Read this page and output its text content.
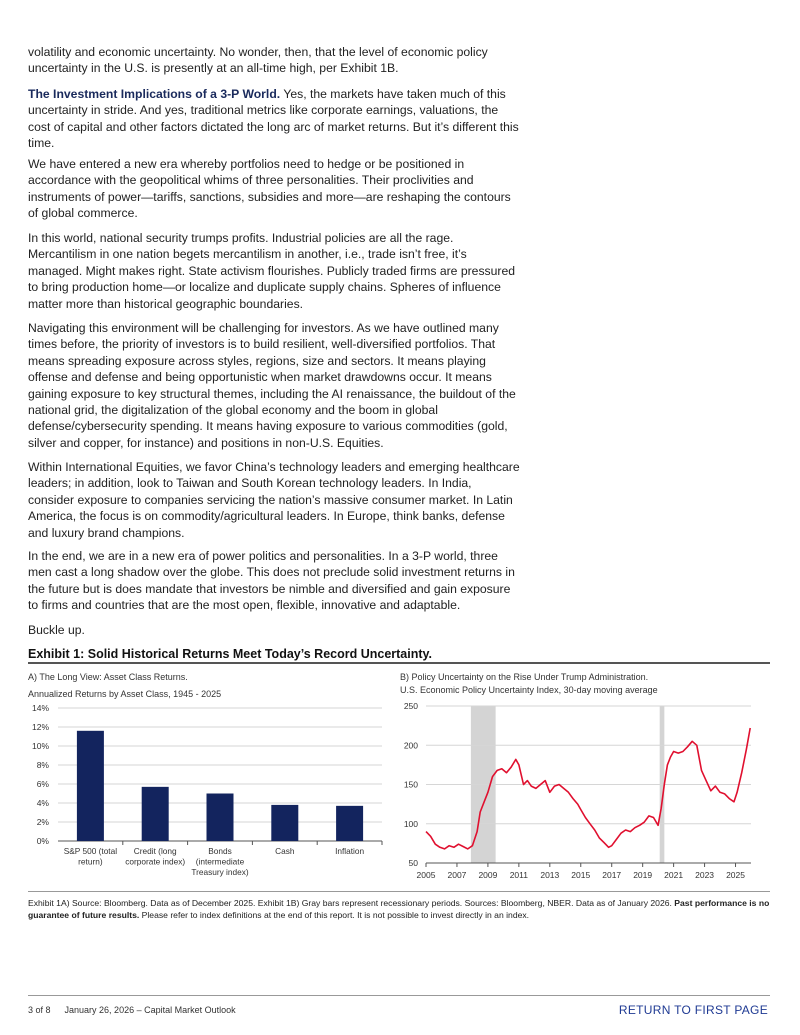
volatility and economic uncertainty. No wonder, then, that the level of economic policy uncertainty in the U.S. is presently at an all-time high, per Exhibit 1B.

The Investment Implications of a 3-P World. Yes, the markets have taken much of this uncertainty in stride. And yes, traditional metrics like corporate earnings, valuations, the cost of capital and other factors dictated the long arc of market returns. But it’s different this time.

We have entered a new era whereby portfolios need to hedge or be positioned in accordance with the geopolitical whims of three personalities. Their proclivities and instruments of power—tariffs, sanctions, subsidies and more—are reshaping the contours of global commerce.

In this world, national security trumps profits. Industrial policies are all the rage. Mercantilism in one nation begets mercantilism in another, i.e., trade isn’t free, it’s managed. Might makes right. State activism flourishes. Publicly traded firms are pressured to bring production home—or localize and duplicate supply chains. Spheres of influence matter more than historical geographic boundaries.

Navigating this environment will be challenging for investors. As we have outlined many times before, the priority of investors is to build resilient, well-diversified portfolios. That means spreading exposure across styles, regions, size and sectors. It means playing offense and defense and being opportunistic when market drawdowns occur. It means gaining exposure to key structural themes, including the AI renaissance, the buildout of the national grid, the digitalization of the global economy and the boom in global defense/cybersecurity spending. It means having exposure to various commodities (gold, silver and copper, for instance) and positions in non-U.S. Equities.

Within International Equities, we favor China’s technology leaders and emerging healthcare leaders; in addition, look to Taiwan and South Korean technology leaders. In India, consider exposure to companies servicing the nation’s massive consumer market. In Latin America, the focus is on commodity/agricultural leaders. In Europe, think banks, defense and luxury brand champions.

In the end, we are in a new era of power politics and personalities. In a 3-P world, three men cast a long shadow over the globe. This does not preclude solid investment returns in the future but is does mandate that investors be nimble and diversified and gain exposure to firms and countries that are the most open, flexible, innovative and adaptable.

Buckle up.

Exhibit 1: Solid Historical Returns Meet Today’s Record Uncertainty.

A) The Long View: Asset Class Returns.

Annualized Returns by Asset Class, 1945 - 2025

B) Policy Uncertainty on the Rise Under Trump Administration.

U.S. Economic Policy Uncertainty Index, 30-day moving average

0%
2%
4%
6%
8%
10%
12%
14%
S&P 500 (total
return)
Credit (long
corporate index)
Bonds
(intermediate
Treasury index)
Cash	Inflation
50
100
150
200
250
2005 2007 2009 2011 2013 2015 2017 2019 2021 2023 2025

Exhibit 1A) Source: Bloomberg. Data as of December 2025. Exhibit 1B) Gray bars represent recessionary periods. Sources: Bloomberg, NBER. Data as of January 2026. Past performance is no guarantee of future results. Please refer to index definitions at the end of this report. It is not possible to invest directly in an index.

3 of 8 January 26, 2026 – Capital Market Outlook	RETURN TO FIRST PAGE
